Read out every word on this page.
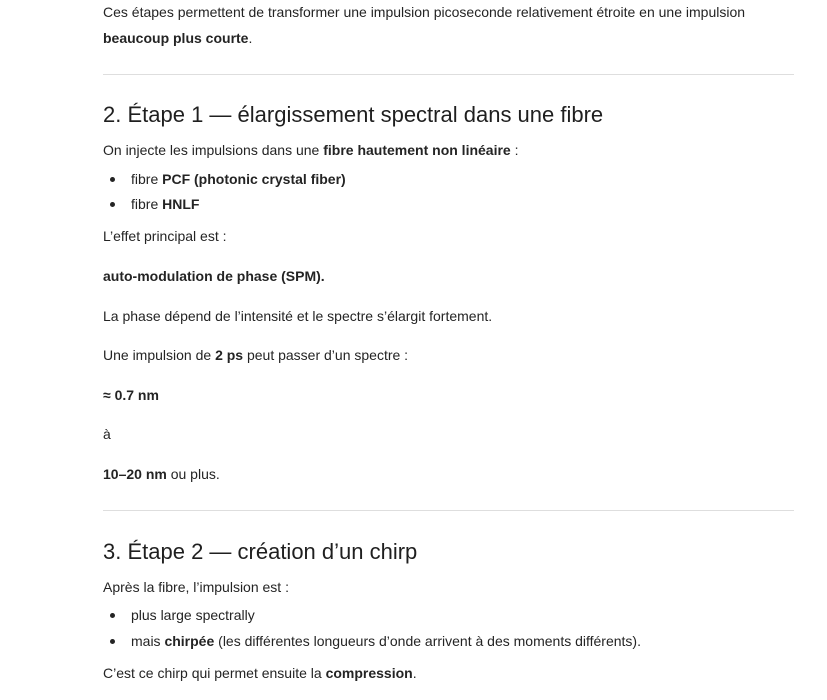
Ces étapes permettent de transformer une impulsion picoseconde relativement étroite en une impulsion
beaucoup plus courte.
2. Étape 1 — élargissement spectral dans une fibre
On injecte les impulsions dans une fibre hautement non linéaire :
fibre PCF (photonic crystal fiber)
fibre HNLF
L’effet principal est :
auto-modulation de phase (SPM).
La phase dépend de l’intensité et le spectre s’élargit fortement.
Une impulsion de 2 ps peut passer d’un spectre :
≈ 0.7 nm
à
10–20 nm ou plus.
3. Étape 2 — création d’un chirp
Après la fibre, l’impulsion est :
plus large spectrally
mais chirpée (les différentes longueurs d’onde arrivent à des moments différents).
C’est ce chirp qui permet ensuite la compression.
